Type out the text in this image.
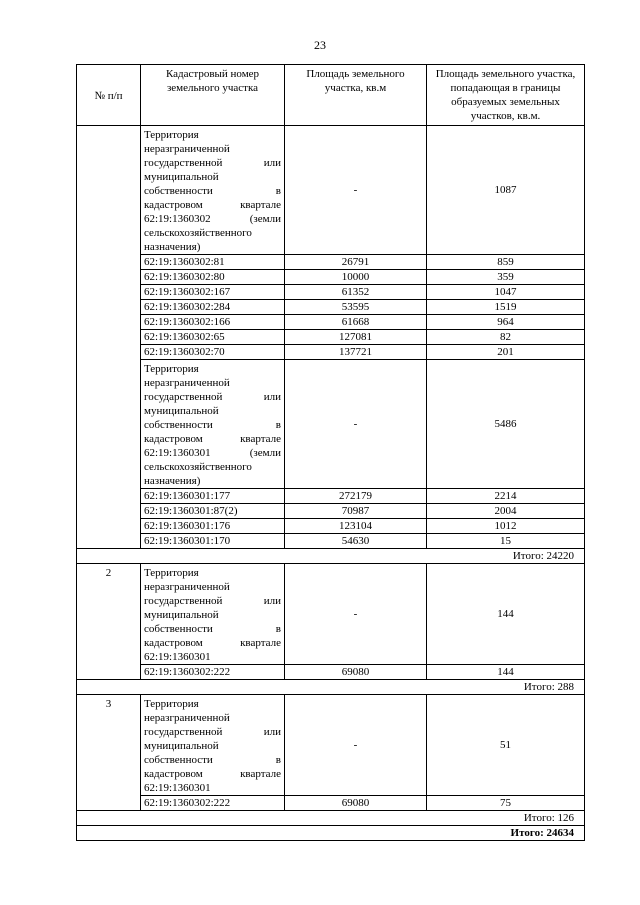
23
№ п/п	Кадастровый номер земельного участка	Площадь земельного участка, кв.м	Площадь земельного участка, попадающая в границы образуемых земельных участков, кв.м.
	Территория неразграниченной государственной или муниципальной собственности в кадастровом квартале 62:19:1360302 (земли сельскохозяйственного назначения)	-	1087
	62:19:1360302:81	26791	859
	62:19:1360302:80	10000	359
	62:19:1360302:167	61352	1047
	62:19:1360302:284	53595	1519
	62:19:1360302:166	61668	964
	62:19:1360302:65	127081	82
	62:19:1360302:70	137721	201
	Территория неразграниченной государственной или муниципальной собственности в кадастровом квартале 62:19:1360301 (земли сельскохозяйственного назначения)	-	5486
	62:19:1360301:177	272179	2214
	62:19:1360301:87(2)	70987	2004
	62:19:1360301:176	123104	1012
	62:19:1360301:170	54630	15
Итого: 24220			
2	Территория неразграниченной государственной или муниципальной собственности в кадастровом квартале 62:19:1360301	-	144
	62:19:1360302:222	69080	144
Итого: 288			
3	Территория неразграниченной государственной или муниципальной собственности в кадастровом квартале 62:19:1360301	-	51
	62:19:1360302:222	69080	75
Итого: 126			
Итого: 24634			
